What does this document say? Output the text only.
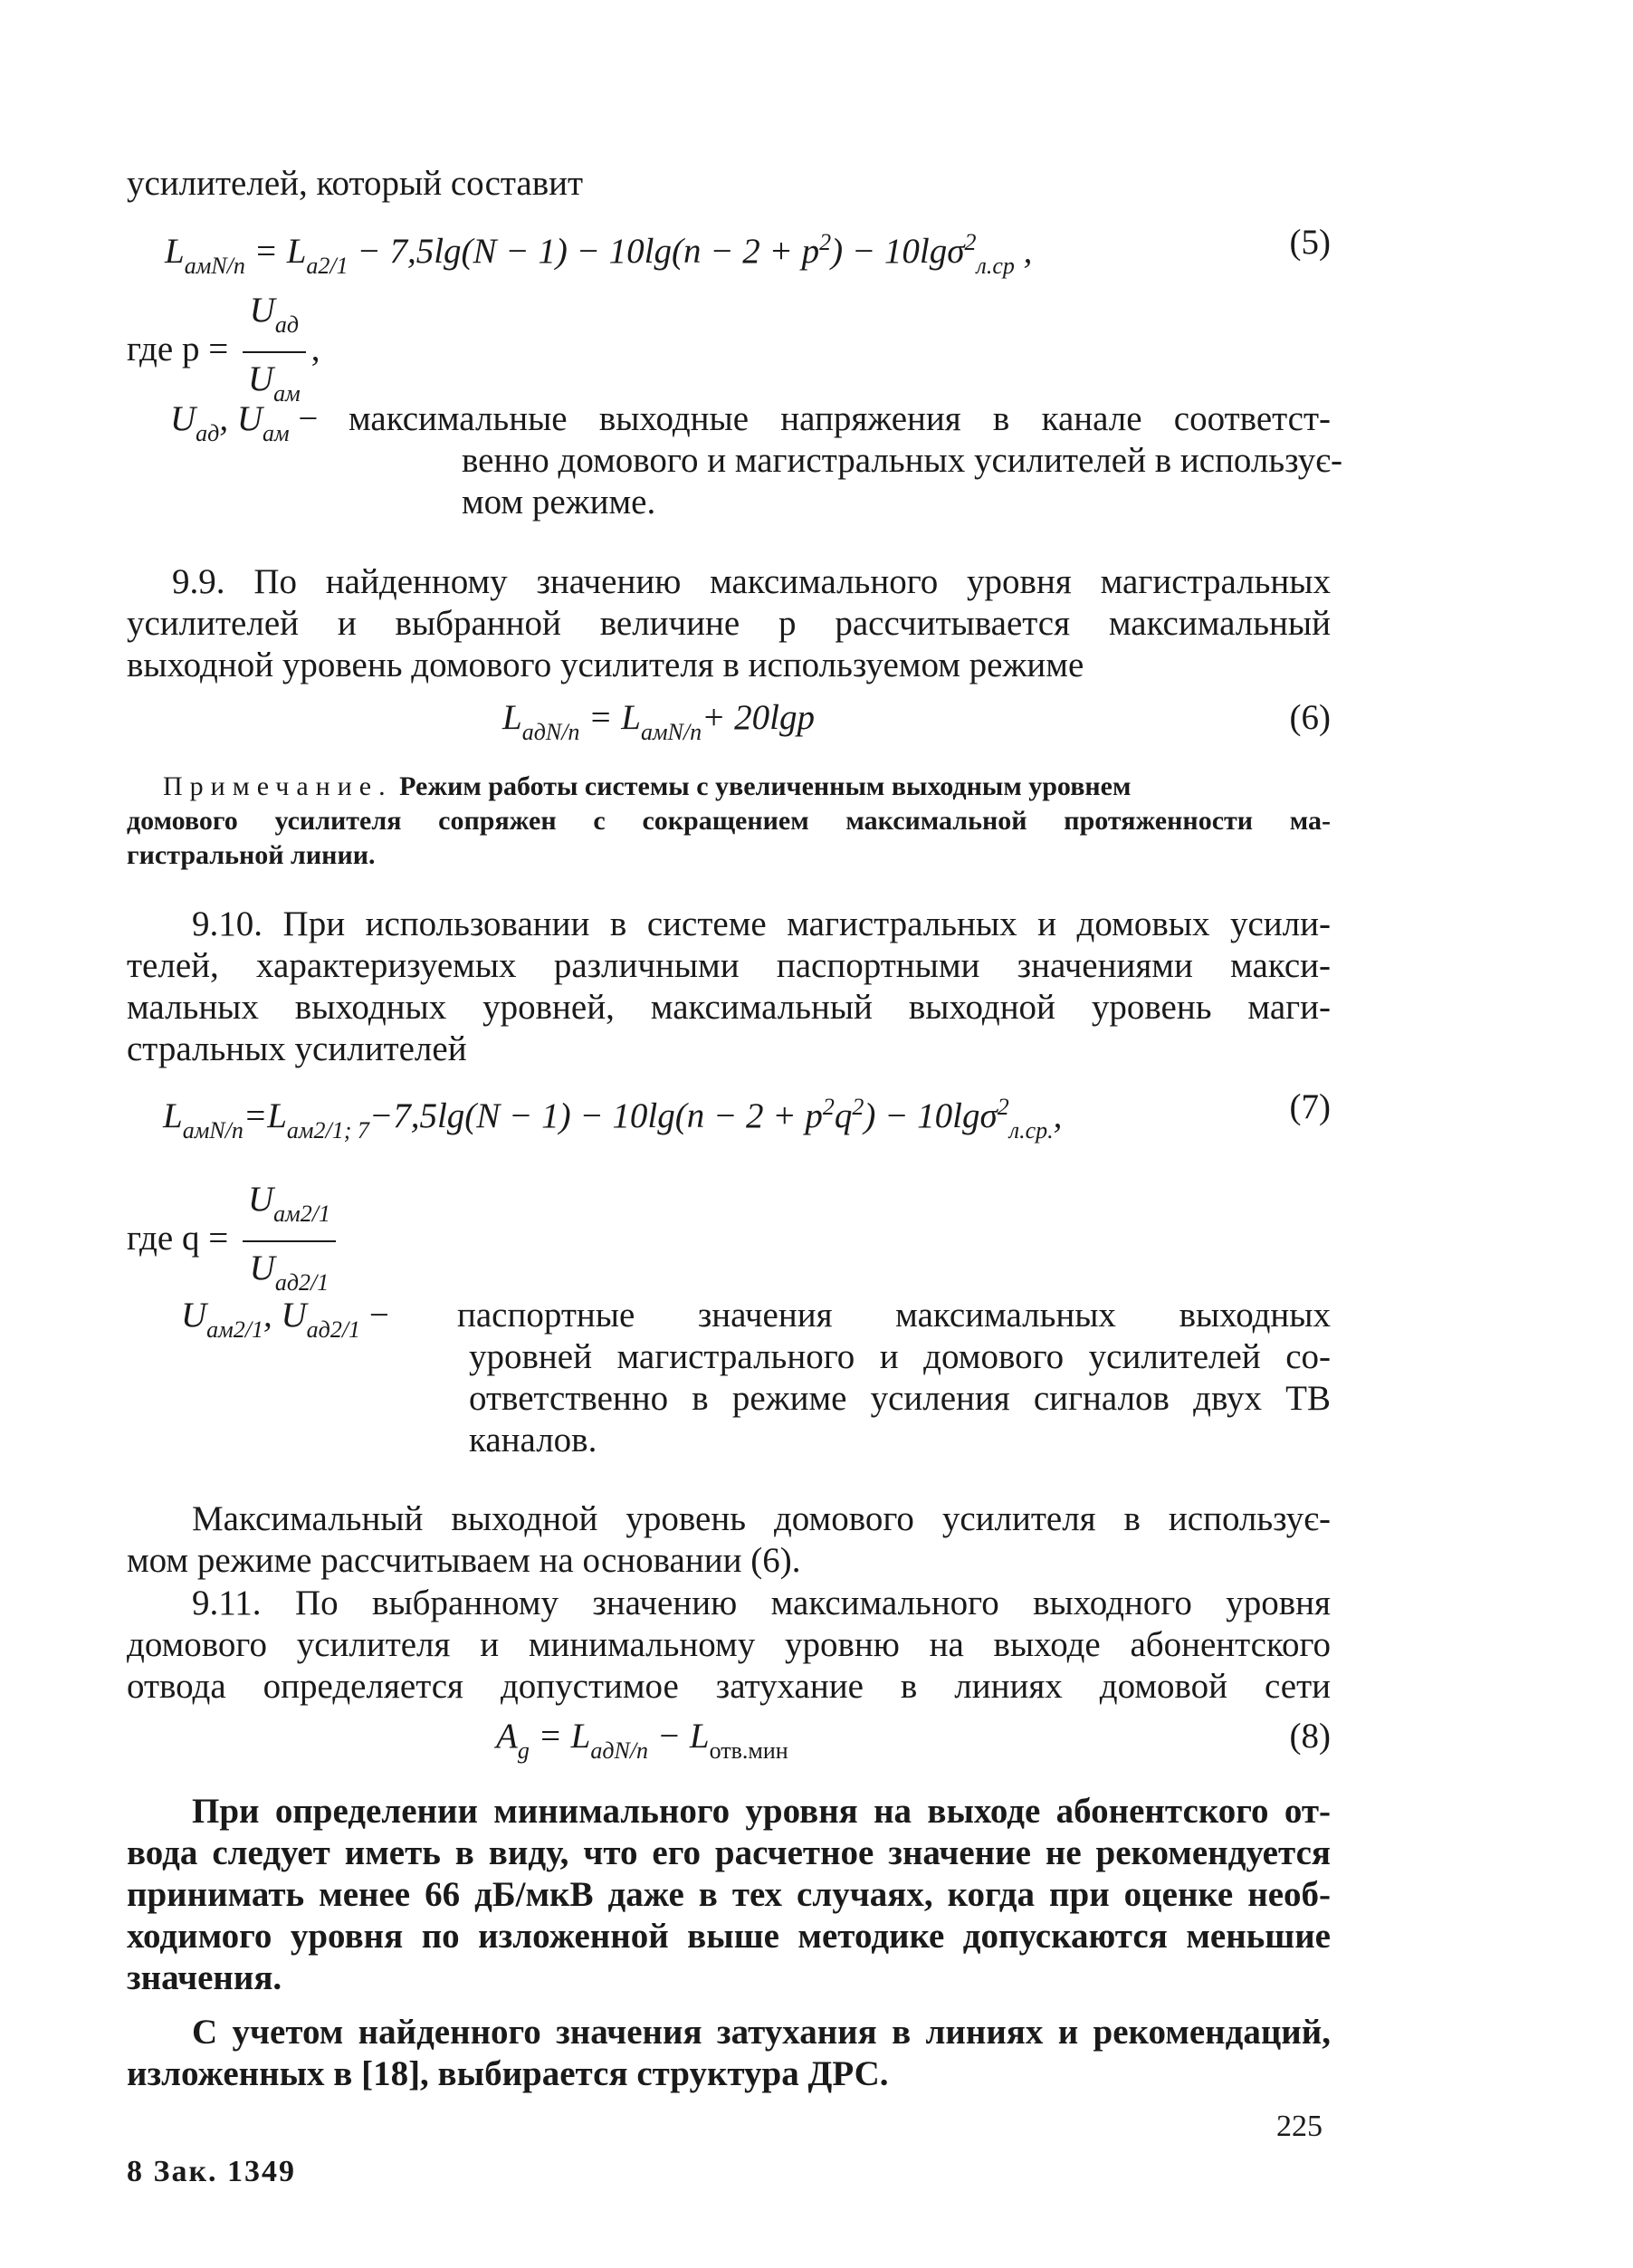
усилителей, который составит
$L_{aмN/n} = L_{a2/1} - 7,5\lg(N - 1) - 10\lg(n - 2 + p^2) - 10\lg\sigma^2_{л.ср}$ ,	(5)
где $p = \frac{U_{aд}}{U_{aм}}$ ,
$U_{aд}$, $U_{aм}$ − максимальные выходные напряжения в канале соответст-
венно домового и магистральных усилителей в использує-
мом режиме.
9.9. По найденному значению максимального уровня магистральных
усилителей и выбранной величине p рассчитывается максимальный
выходной уровень домового усилителя в используемом режиме
$L_{aдN/n} = L_{aмN/n}+ 20\lg p$	(6)
Примечание. Режим работы системы с увеличенным выходным уровнем
домового усилителя сопряжен с сокращением максимальной протяженности ма-
гистральной линии.
9.10. При использовании в системе магистральных и домовых усили-
телей, характеризуемых различными паспортными значениями макси-
мальных выходных уровней, максимальный выходной уровень маги-
стральных усилителей
$L_{aмN/n}=L_{aм2/1; 7}-7,5\lg(N - 1) - 10\lg(n - 2 + p^2q^2) - 10\lg\sigma^2_{л.ср.}$,	(7)
где $q = \frac{U_{aм2/1}}{U_{aд2/1}}$
$U_{aм2/1}$, $U_{aд2/1}$ −	паспортные значения максимальных выходных
уровней магистрального и домового усилителей со-
ответственно в режиме усиления сигналов двух ТВ
каналов.
Максимальный выходной уровень домового усилителя в использує-
мом режиме рассчитываем на основании (6).
9.11. По выбранному значению максимального выходного уровня
домового усилителя и минимальному уровню на выходе абонентского
отвода определяется допустимое затухание в линиях домовой сети
$A_g = L_{aдN/n} - L_{отв.мин}$	(8)
При определении минимального уровня на выходе абонентского от-
вода следует иметь в виду, что его расчетное значение не рекомендуется
принимать менее 66 дБ/мкВ даже в тех случаях, когда при оценке необ-
ходимого уровня по изложенной выше методике допускаются меньшие
значения.
С учетом найденного значения затухания в линиях и рекомендаций,
изложенных в [18], выбирается структура ДРС.
225
8 Зак. 1349
